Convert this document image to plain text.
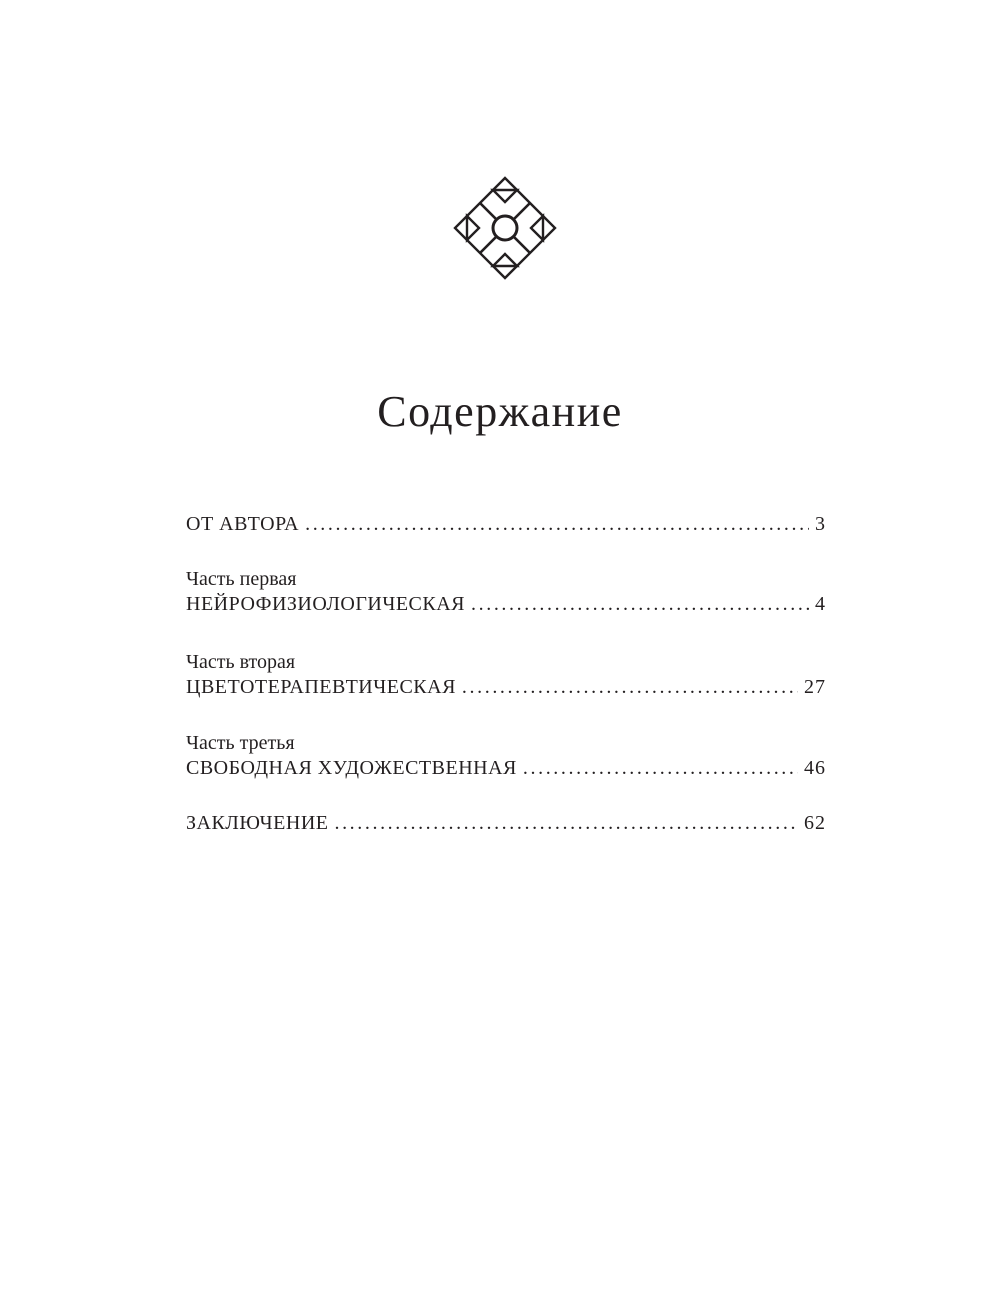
Содержание
ОТ АВТОРА . . .	3
Часть первая
НЕЙРОФИЗИОЛОГИЧЕСКАЯ . . .	4
Часть вторая
ЦВЕТОТЕРАПЕВТИЧЕСКАЯ . . .	27
Часть третья
СВОБОДНАЯ ХУДОЖЕСТВЕННАЯ . . .	46
ЗАКЛЮЧЕНИЕ . . .	62
